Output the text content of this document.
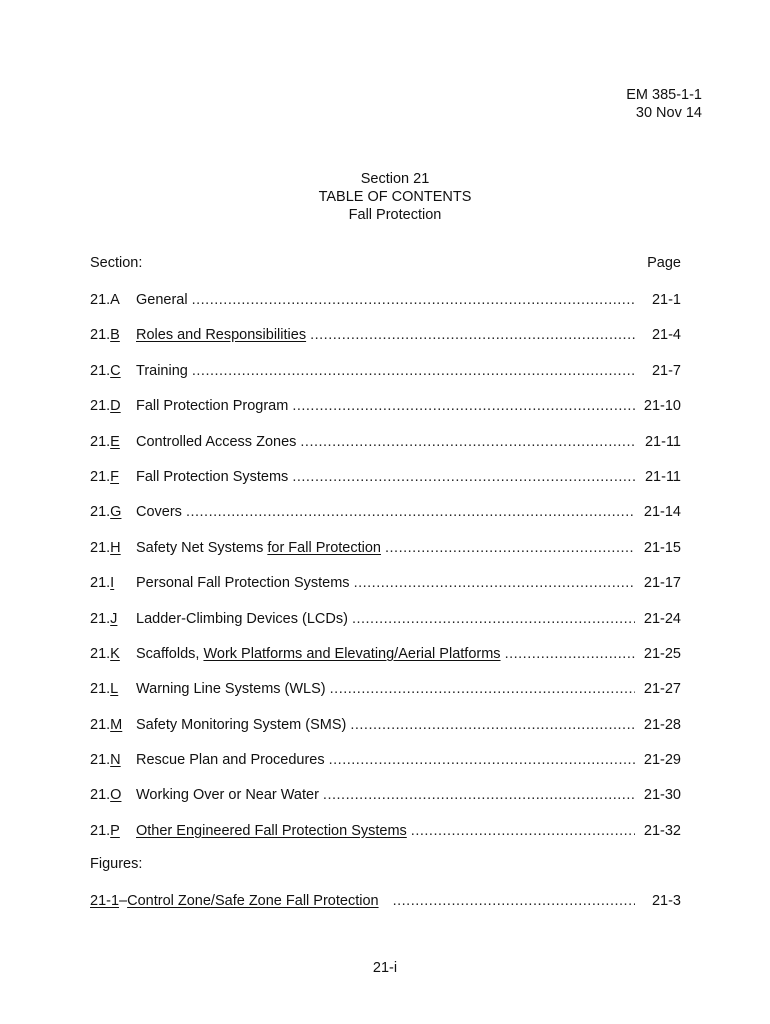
EM 385-1-1
30 Nov 14
Section 21
TABLE OF CONTENTS
Fall Protection
Section:	Page
21.A	General .....	21-1
21.B	Roles and Responsibilities .....	21-4
21.C	Training .....	21-7
21.D	Fall Protection Program .....	21-10
21.E	Controlled Access Zones .....	21-11
21.F	Fall Protection Systems .....	21-11
21.G	Covers .....	21-14
21.H	Safety Net Systems for Fall Protection .....	21-15
21.I	Personal Fall Protection Systems .....	21-17
21.J	Ladder-Climbing Devices (LCDs) .....	21-24
21.K	Scaffolds, Work Platforms and Elevating/Aerial Platforms .....	21-25
21.L	Warning Line Systems (WLS) .....	21-27
21.M Safety Monitoring System (SMS) .....	21-28
21.N	Rescue Plan and Procedures .....	21-29
21.O	Working Over or Near Water .....	21-30
21.P	Other Engineered Fall Protection Systems .....	21-32
Figures:
21-1 – Control Zone/Safe Zone Fall Protection .....	21-3
21-i
